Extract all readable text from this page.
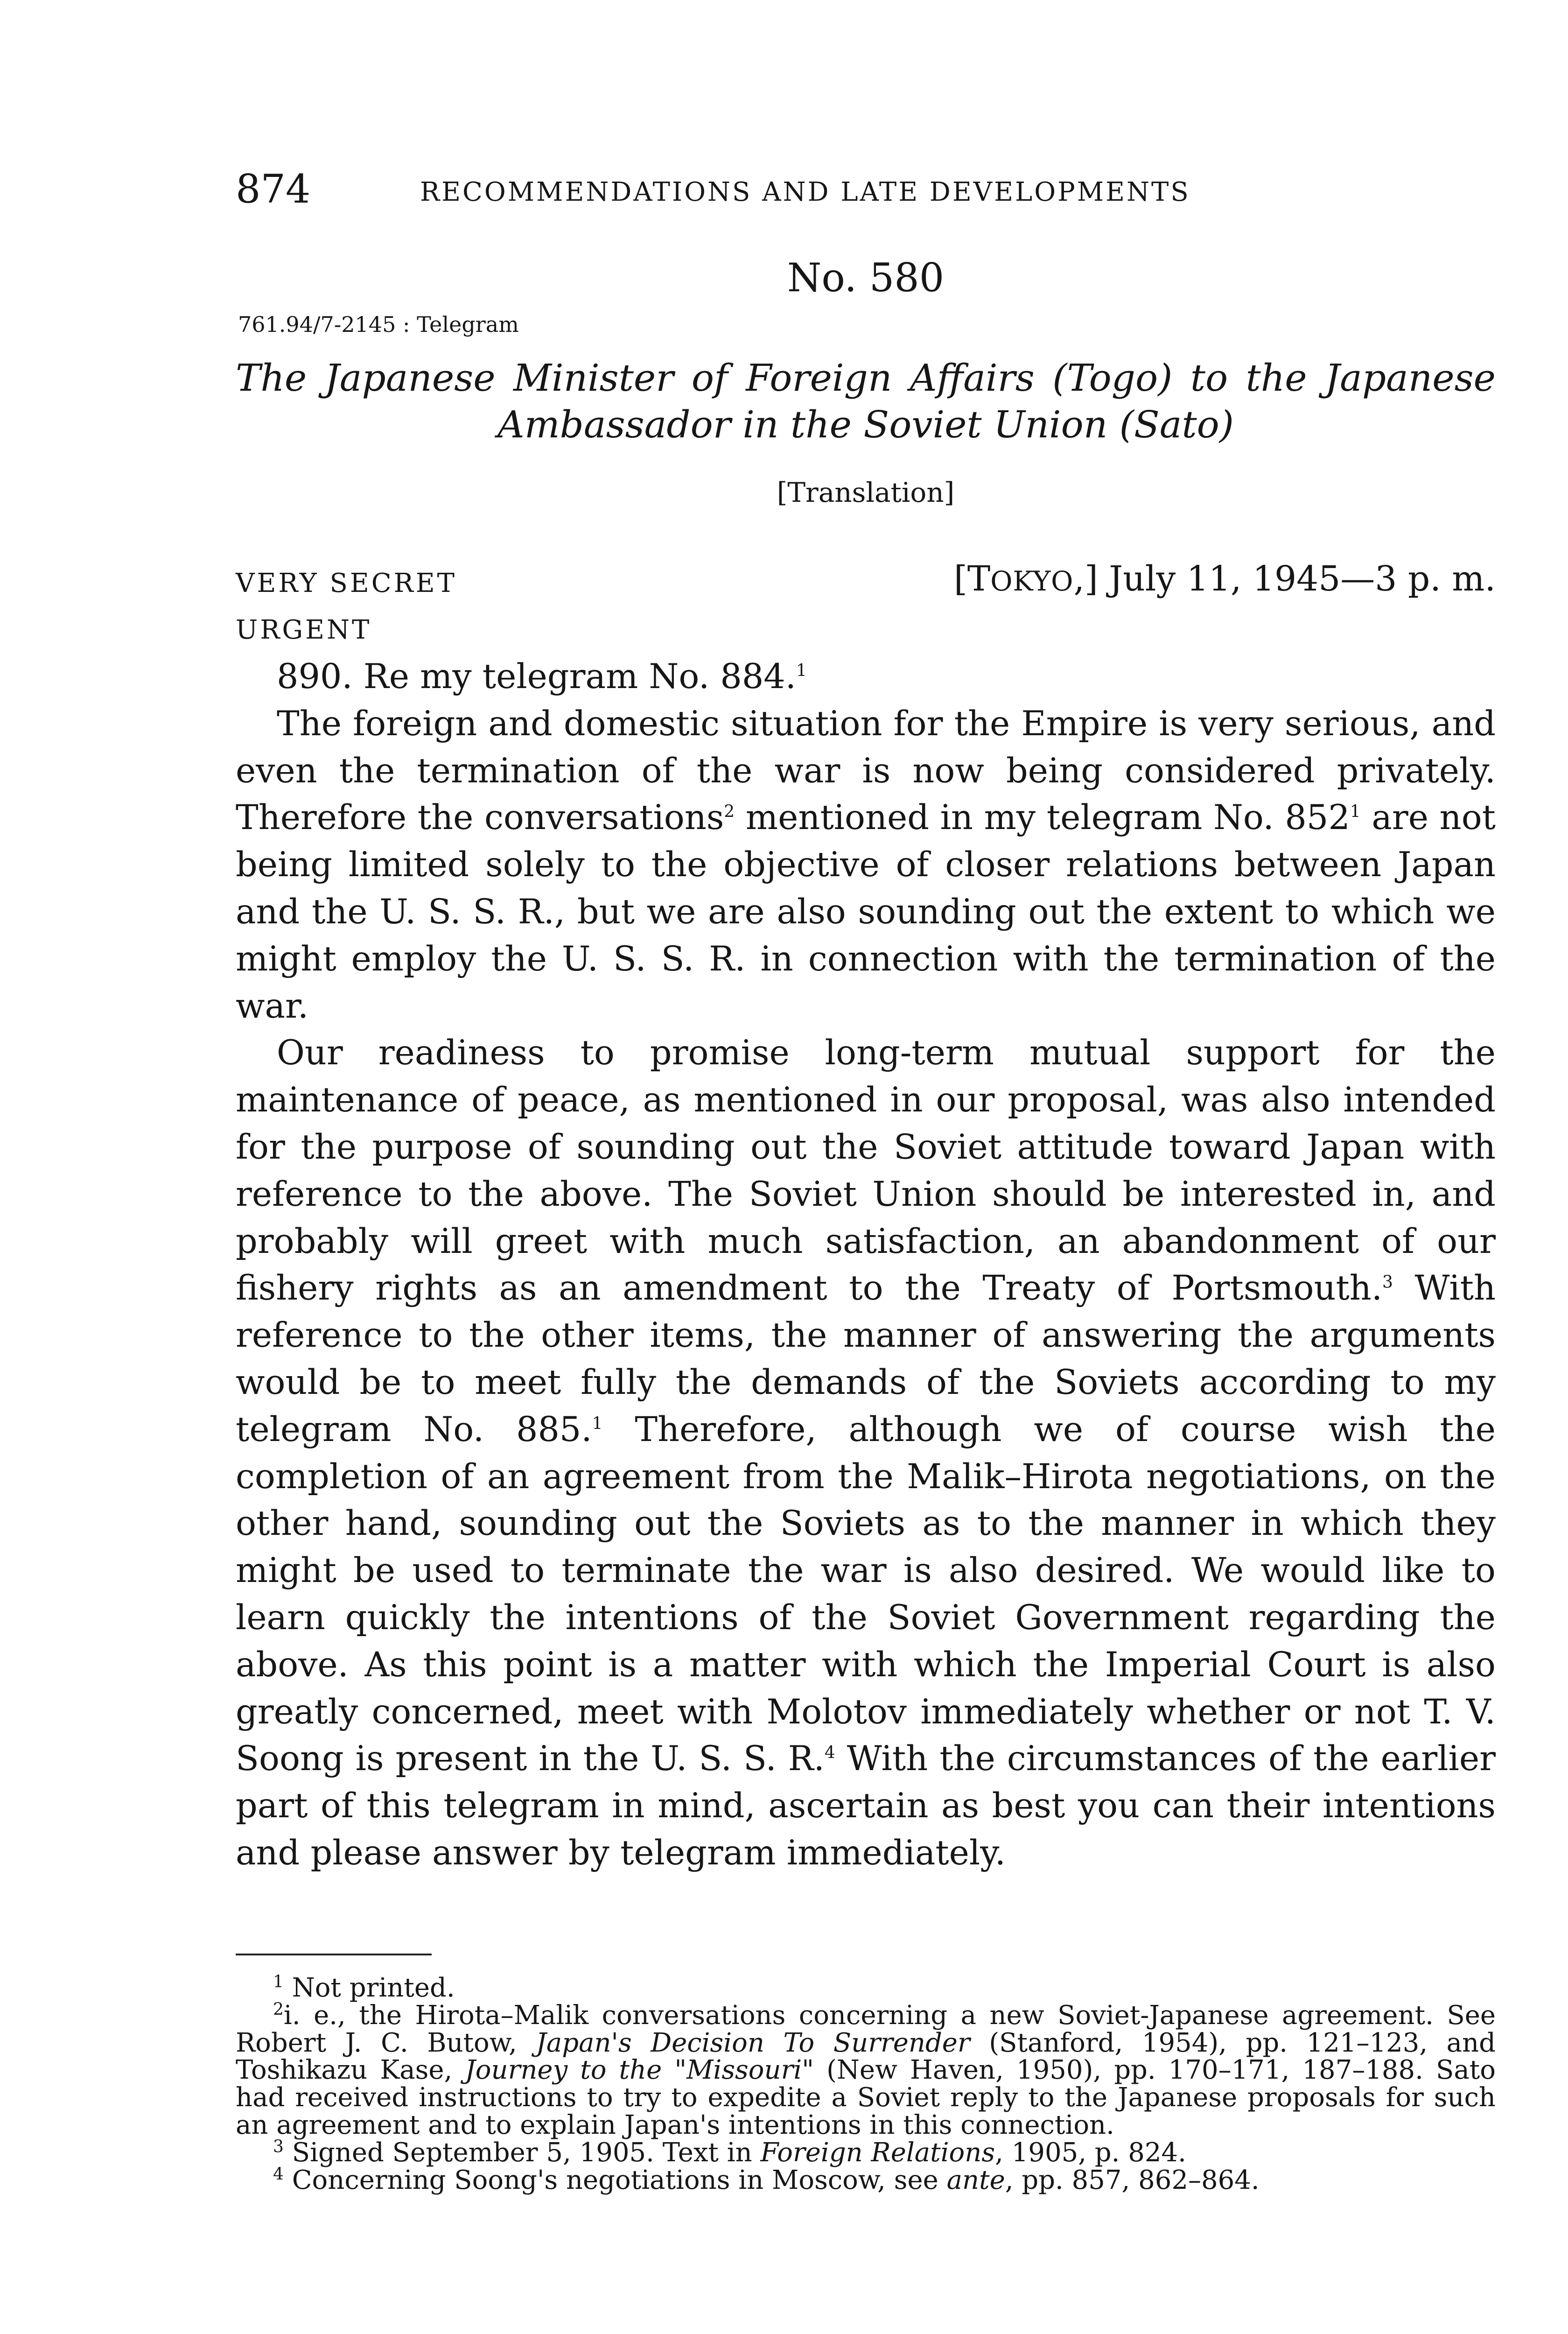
874	RECOMMENDATIONS AND LATE DEVELOPMENTS
No. 580
761.94/7-2145 : Telegram
The Japanese Minister of Foreign Affairs (Togo) to the Japanese
Ambassador in the Soviet Union (Sato)
[Translation]
VERY SECRET
URGENT
[TOKYO,] July 11, 1945—3 p. m.

890. Re my telegram No. 884.$^1$

The foreign and domestic situation for the Empire is very serious, and even the termination of the war is now being considered privately. Therefore the conversations$^2$ mentioned in my telegram No. 852$^1$ are not being limited solely to the objective of closer relations between Japan and the U. S. S. R., but we are also sounding out the extent to which we might employ the U. S. S. R. in connection with the termination of the war.

Our readiness to promise long-term mutual support for the maintenance of peace, as mentioned in our proposal, was also intended for the purpose of sounding out the Soviet attitude toward Japan with reference to the above. The Soviet Union should be interested in, and probably will greet with much satisfaction, an abandonment of our fishery rights as an amendment to the Treaty of Portsmouth.$^3$ With reference to the other items, the manner of answering the arguments would be to meet fully the demands of the Soviets according to my telegram No. 885.$^1$ Therefore, although we of course wish the completion of an agreement from the Malik–Hirota negotiations, on the other hand, sounding out the Soviets as to the manner in which they might be used to terminate the war is also desired. We would like to learn quickly the intentions of the Soviet Government regarding the above. As this point is a matter with which the Imperial Court is also greatly concerned, meet with Molotov immediately whether or not T. V. Soong is present in the U. S. S. R.$^4$ With the circumstances of the earlier part of this telegram in mind, ascertain as best you can their intentions and please answer by telegram immediately.

$^1$ Not printed.

$^2$i. e., the Hirota–Malik conversations concerning a new Soviet-Japanese agreement. See Robert J. C. Butow, Japan's Decision To Surrender (Stanford, 1954), pp. 121–123, and Toshikazu Kase, Journey to the "Missouri" (New Haven, 1950), pp. 170–171, 187–188. Sato had received instructions to try to expedite a Soviet reply to the Japanese proposals for such an agreement and to explain Japan's intentions in this connection.

$^3$ Signed September 5, 1905. Text in Foreign Relations, 1905, p. 824.

$^4$ Concerning Soong's negotiations in Moscow, see ante, pp. 857, 862–864.
